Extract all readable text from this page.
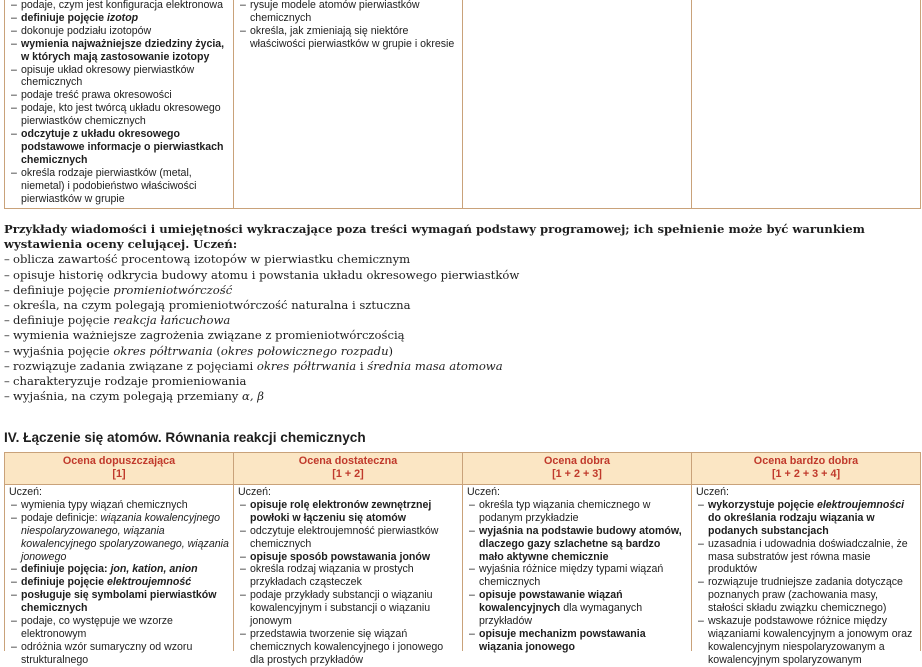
– podaje, czym jest konfiguracja elektronowa
– definiuje pojęcie izotop
– dokonuje podziału izotopów
– wymienia najważniejsze dziedziny życia, w których mają zastosowanie izotopy
– opisuje układ okresowy pierwiastków chemicznych
– podaje treść prawa okresowości
– podaje, kto jest twórcą układu okresowego pierwiastków chemicznych
– odczytuje z układu okresowego podstawowe informacje o pierwiastkach chemicznych
– określa rodzaje pierwiastków (metal, niemetal) i podobieństwo właściwości pierwiastków w grupie
– rysuje modele atomów pierwiastków chemicznych
– określa, jak zmieniają się niektóre właściwości pierwiastków w grupie i okresie
Przykłady wiadomości i umiejętności wykraczające poza treści wymagań podstawy programowej; ich spełnienie może być warunkiem wystawienia oceny celującej. Uczeń:
– oblicza zawartość procentową izotopów w pierwiastku chemicznym
– opisuje historię odkrycia budowy atomu i powstania układu okresowego pierwiastków
– definiuje pojęcie promieniotwórczość
– określa, na czym polegają promieniotwórczość naturalna i sztuczna
– definiuje pojęcie reakcja łańcuchowa
– wymienia ważniejsze zagrożenia związane z promieniotwórczością
– wyjaśnia pojęcie okres półtrwania (okres połowicznego rozpadu)
– rozwiązuje zadania związane z pojęciami okres półtrwania i średnia masa atomowa
– charakteryzuje rodzaje promieniowania
– wyjaśnia, na czym polegają przemiany α, β
IV. Łączenie się atomów. Równania reakcji chemicznych
Ocena dopuszczająca
[1]
Ocena dostateczna
[1 + 2]
Ocena dobra
[1 + 2 + 3]
Ocena bardzo dobra
[1 + 2 + 3 + 4]
Uczeń:
– wymienia typy wiązań chemicznych
– podaje definicje: wiązania kowalencyjnego niespolaryzowanego, wiązania kowalencyjnego spolaryzowanego, wiązania jonowego
– definiuje pojęcia: jon, kation, anion
– definiuje pojęcie elektroujemność
– posługuje się symbolami pierwiastków chemicznych
– podaje, co występuje we wzorze elektronowym
– odróżnia wzór sumaryczny od wzoru strukturalnego
Uczeń:
– opisuje rolę elektronów zewnętrznej powłoki w łączeniu się atomów
– odczytuje elektroujemność pierwiastków chemicznych
– opisuje sposób powstawania jonów
– określa rodzaj wiązania w prostych przykładach cząsteczek
– podaje przykłady substancji o wiązaniu kowalencyjnym i substancji o wiązaniu jonowym
– przedstawia tworzenie się wiązań chemicznych kowalencyjnego i jonowego dla prostych przykładów
Uczeń:
– określa typ wiązania chemicznego w podanym przykładzie
– wyjaśnia na podstawie budowy atomów, dlaczego gazy szlachetne są bardzo mało aktywne chemicznie
– wyjaśnia różnice między typami wiązań chemicznych
– opisuje powstawanie wiązań kowalencyjnych dla wymaganych przykładów
– opisuje mechanizm powstawania wiązania jonowego
Uczeń:
– wykorzystuje pojęcie elektroujemności do określania rodzaju wiązania w podanych substancjach
– uzasadnia i udowadnia doświadczalnie, że masa substratów jest równa masie produktów
– rozwiązuje trudniejsze zadania dotyczące poznanych praw (zachowania masy, stałości składu związku chemicznego)
– wskazuje podstawowe różnice między wiązaniami kowalencyjnym a jonowym oraz kowalencyjnym niespolaryzowanym a kowalencyjnym spolaryzowanym
